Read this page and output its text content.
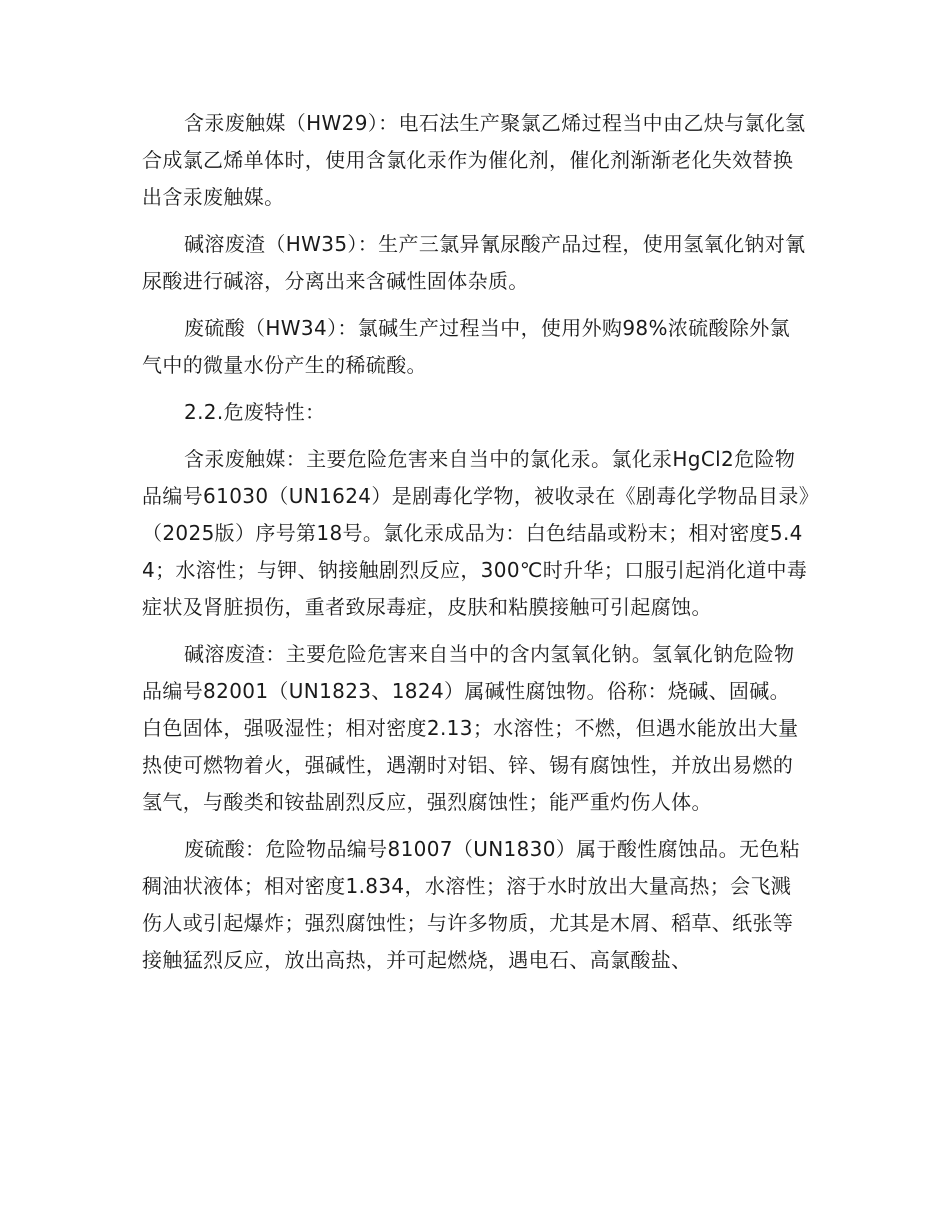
含汞废触媒（HW29）：电石法生产聚氯乙烯过程当中由乙炔与氯化氢合成氯乙烯单体时，使用含氯化汞作为催化剂，催化剂渐渐老化失效替换出含汞废触媒。

碱溶废渣（HW35）：生产三氯异氰尿酸产品过程，使用氢氧化钠对氰尿酸进行碱溶，分离出来含碱性固体杂质。

废硫酸（HW34）：氯碱生产过程当中，使用外购98%浓硫酸除外氯气中的微量水份产生的稀硫酸。

2.2.危废特性：

含汞废触媒：主要危险危害来自当中的氯化汞。氯化汞HgCl2危险物品编号61030（UN1624）是剧毒化学物，被收录在《剧毒化学物品目录》（2025版）序号第18号。氯化汞成品为：白色结晶或粉末；相对密度5.44；水溶性；与钾、钠接触剧烈反应，300℃时升华；口服引起消化道中毒症状及肾脏损伤，重者致尿毒症，皮肤和粘膜接触可引起腐蚀。

碱溶废渣：主要危险危害来自当中的含内氢氧化钠。氢氧化钠危险物品编号82001（UN1823、1824）属碱性腐蚀物。俗称：烧碱、固碱。白色固体，强吸湿性；相对密度2.13；水溶性；不燃，但遇水能放出大量热使可燃物着火，强碱性，遇潮时对铝、锌、锡有腐蚀性，并放出易燃的氢气，与酸类和铵盐剧烈反应，强烈腐蚀性；能严重灼伤人体。

废硫酸：危险物品编号81007（UN1830）属于酸性腐蚀品。无色粘稠油状液体；相对密度1.834，水溶性；溶于水时放出大量高热；会飞溅伤人或引起爆炸；强烈腐蚀性；与许多物质，尤其是木屑、稻草、纸张等接触猛烈反应，放出高热，并可起燃烧，遇电石、高氯酸盐、
